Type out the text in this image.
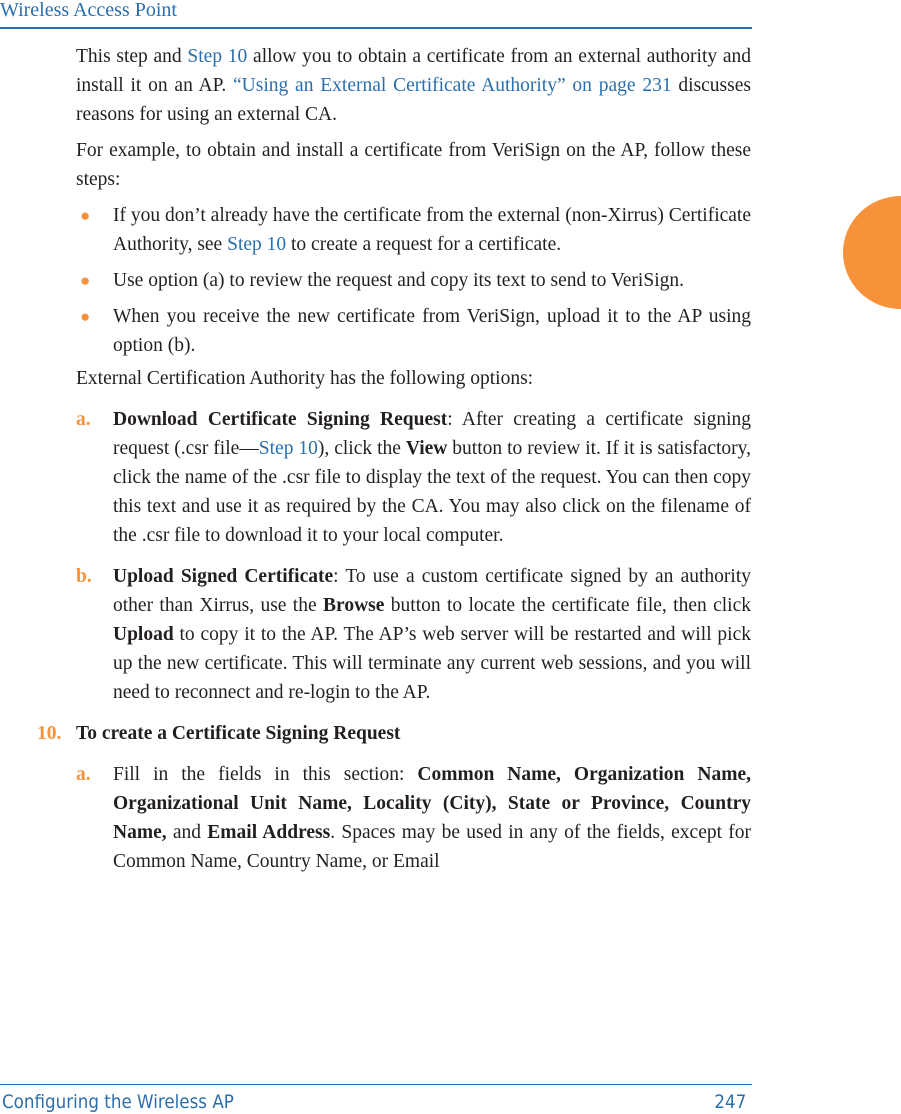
Wireless Access Point

This step and Step 10 allow you to obtain a certificate from an external authority and install it on an AP. “Using an External Certificate Authority” on page 231 discusses reasons for using an external CA.

For example, to obtain and install a certificate from VeriSign on the AP, follow these steps:

● If you don’t already have the certificate from the external (non-Xirrus) Certificate Authority, see Step 10 to create a request for a certificate.
● Use option (a) to review the request and copy its text to send to VeriSign.
● When you receive the new certificate from VeriSign, upload it to the AP using option (b).

External Certification Authority has the following options:

a. Download Certificate Signing Request: After creating a certificate signing request (.csr file—Step 10), click the View button to review it. If it is satisfactory, click the name of the .csr file to display the text of the request. You can then copy this text and use it as required by the CA. You may also click on the filename of the .csr file to download it to your local computer.
b. Upload Signed Certificate: To use a custom certificate signed by an authority other than Xirrus, use the Browse button to locate the certificate file, then click Upload to copy it to the AP. The AP’s web server will be restarted and will pick up the new certificate. This will terminate any current web sessions, and you will need to reconnect and re-login to the AP.
10. To create a Certificate Signing Request
a. Fill in the fields in this section: Common Name, Organization Name, Organizational Unit Name, Locality (City), State or Province, Country Name, and Email Address. Spaces may be used in any of the fields, except for Common Name, Country Name, or Email
Configuring the Wireless AP	247
